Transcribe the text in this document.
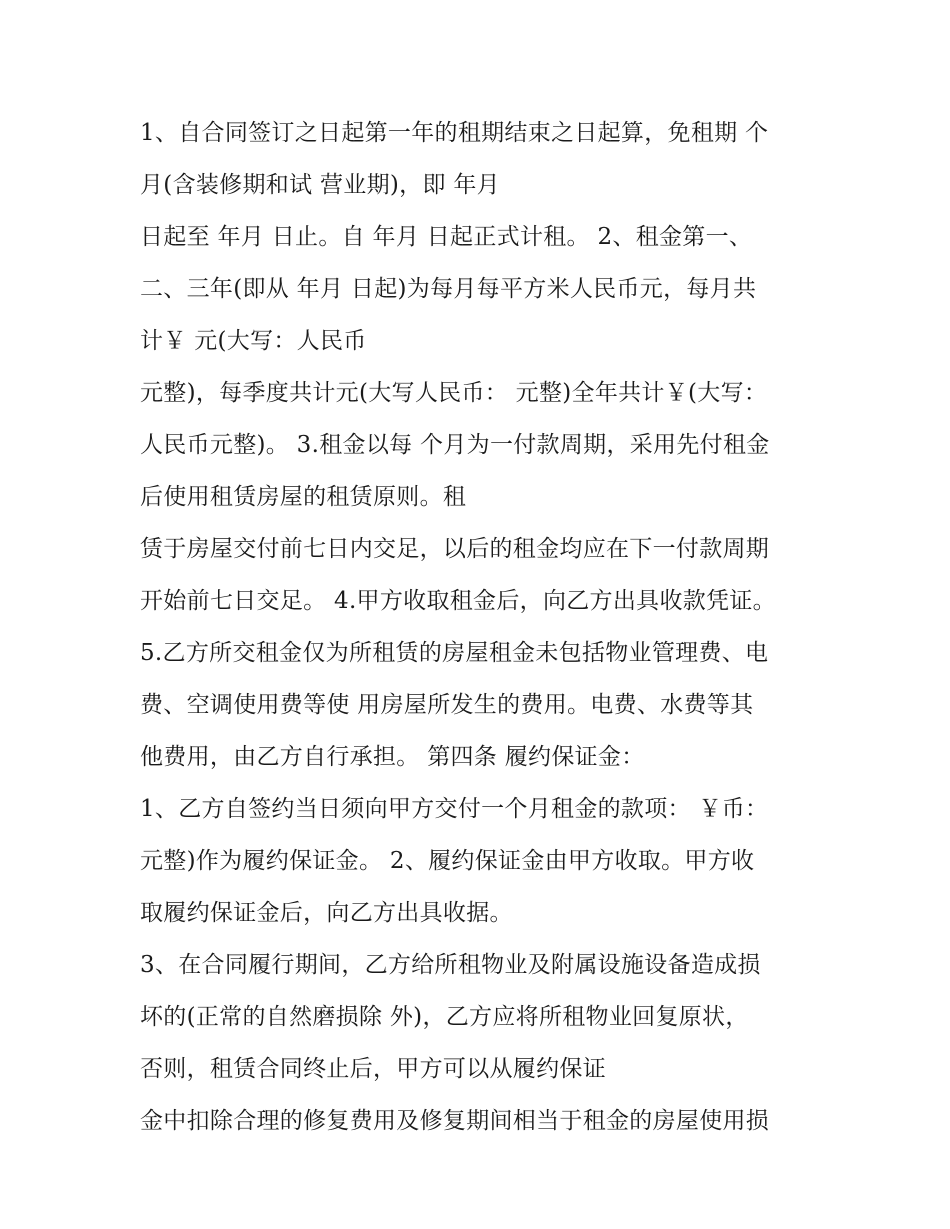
1、自合同签订之日起第一年的租期结束之日起算，免租期 个
月(含装修期和试 营业期)，即 年月
日起至 年月 日止。自 年月 日起正式计租。 2、租金第一、
二、三年(即从 年月 日起)为每月每平方米人民币元，每月共
计￥ 元(大写：人民币
元整)，每季度共计元(大写人民币： 元整)全年共计￥(大写：
人民币元整)。 3.租金以每 个月为一付款周期，采用先付租金
后使用租赁房屋的租赁原则。租
赁于房屋交付前七日内交足，以后的租金均应在下一付款周期
开始前七日交足。 4.甲方收取租金后，向乙方出具收款凭证。
5.乙方所交租金仅为所租赁的房屋租金未包括物业管理费、电
费、空调使用费等使 用房屋所发生的费用。电费、水费等其
他费用，由乙方自行承担。 第四条 履约保证金：
1、乙方自签约当日须向甲方交付一个月租金的款项： ￥币：
元整)作为履约保证金。 2、履约保证金由甲方收取。甲方收
取履约保证金后，向乙方出具收据。
3、在合同履行期间，乙方给所租物业及附属设施设备造成损
坏的(正常的自然磨损除 外)，乙方应将所租物业回复原状，
否则，租赁合同终止后，甲方可以从履约保证
金中扣除合理的修复费用及修复期间相当于租金的房屋使用损
